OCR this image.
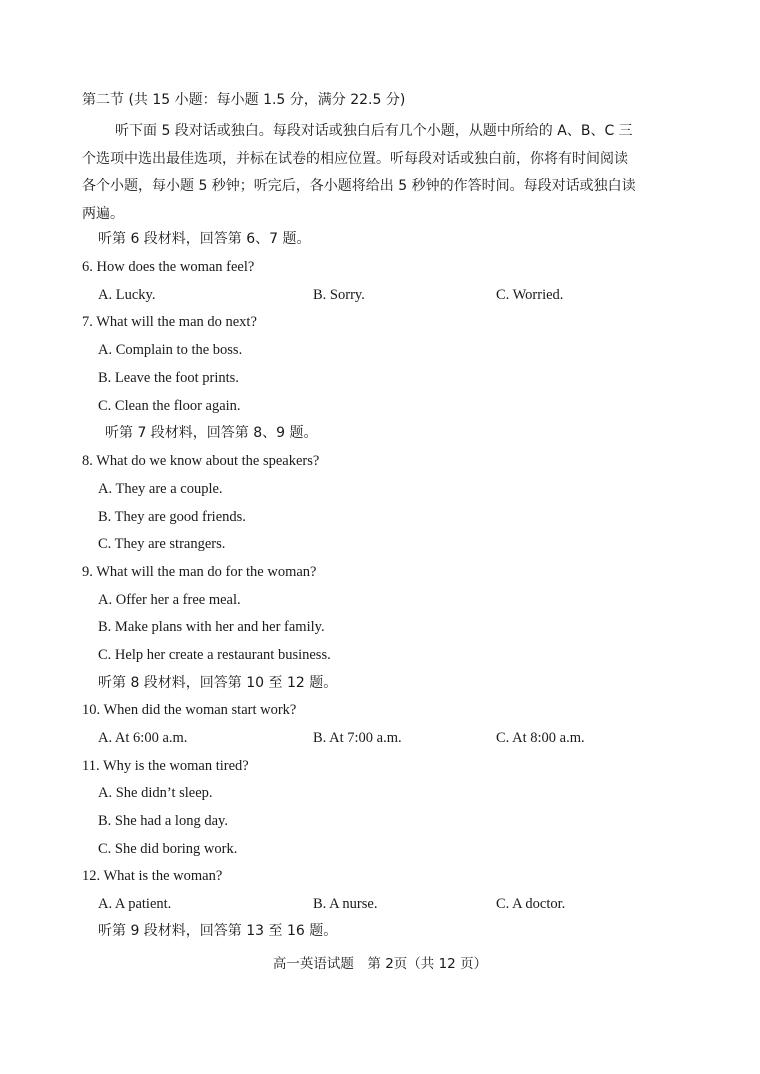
第二节 (共 15 小题：每小题 1.5 分，满分 22.5 分)
听下面 5 段对话或独白。每段对话或独白后有几个小题，从题中所给的 A、B、C 三
个选项中选出最佳选项，并标在试卷的相应位置。听每段对话或独白前，你将有时间阅读
各个小题，每小题 5 秒钟；听完后，各小题将给出 5 秒钟的作答时间。每段对话或独白读
两遍。
听第 6 段材料，回答第 6、7 题。
6. How does the woman feel?
A. Lucky.	B. Sorry.	C. Worried.
7. What will the man do next?
A. Complain to the boss.
B. Leave the foot prints.
C. Clean the floor again.
听第 7 段材料，回答第 8、9 题。
8. What do we know about the speakers?
A. They are a couple.
B. They are good friends.
C. They are strangers.
9. What will the man do for the woman?
A. Offer her a free meal.
B. Make plans with her and her family.
C. Help her create a restaurant business.
听第 8 段材料，回答第 10 至 12 题。
10. When did the woman start work?
A. At 6:00 a.m.	B. At 7:00 a.m.	C. At 8:00 a.m.
11. Why is the woman tired?
A. She didn’t sleep.
B. She had a long day.
C. She did boring work.
12. What is the woman?
A. A patient.	B. A nurse.	C. A doctor.
听第 9 段材料，回答第 13 至 16 题。
高一英语试题　第 2页（共 12 页）
